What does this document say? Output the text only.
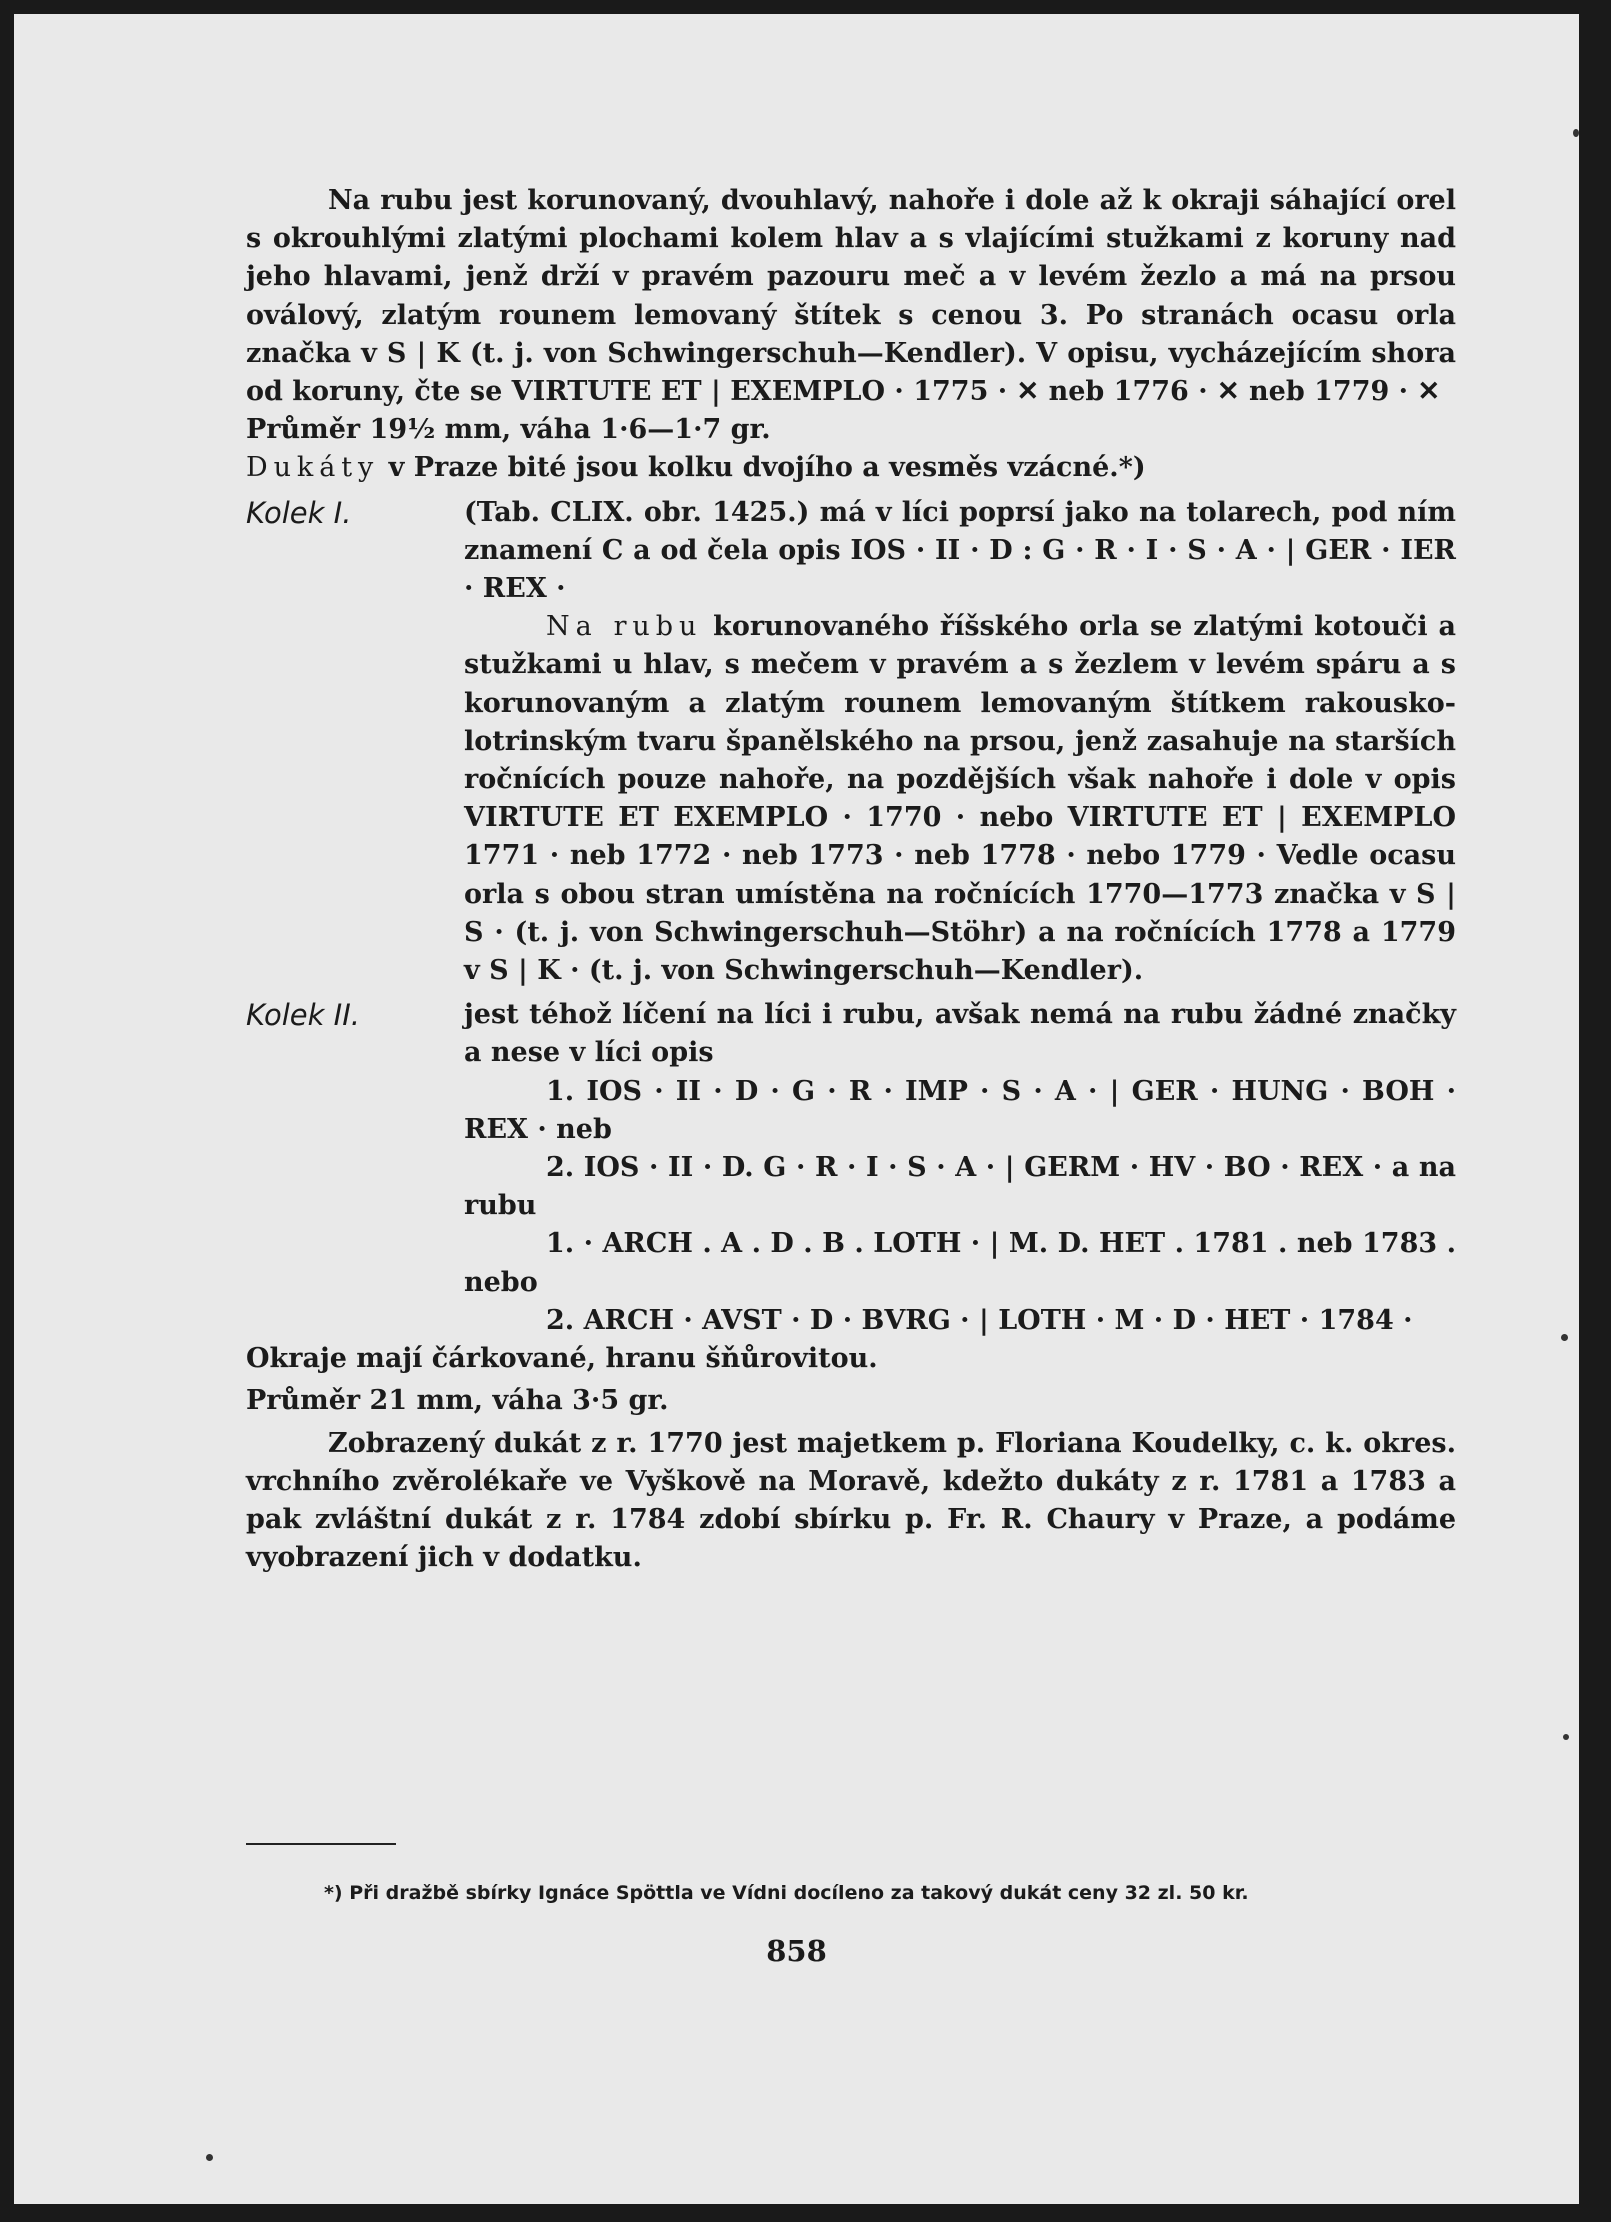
Na rubu jest korunovaný, dvouhlavý, nahoře i dole až k okraji sáhající orel s okrouhlými zlatými plochami kolem hlav a s vlajícími stužkami z koruny nad jeho hlavami, jenž drží v pravém pazouru meč a v levém žezlo a má na prsou oválový, zlatým rounem lemovaný štítek s cenou 3. Po stranách ocasu orla značka v S | K (t. j. von Schwingerschuh—Kendler). V opisu, vycházejícím shora od koruny, čte se VIRTUTE ET | EXEMPLO · 1775 · ✕ neb 1776 · ✕ neb 1779 · ✕

Průměr 19½ mm, váha 1·6—1·7 gr.

Dukáty v Praze bité jsou kolku dvojího a vesměs vzácné.*)

Kolek I.	(Tab. CLIX. obr. 1425.) má v líci poprsí jako na tolarech, pod ním znamení C a od čela opis IOS · II · D : G · R · I · S · A · | GER · IER · REX ·

Na rubu korunovaného říšského orla se zlatými kotouči a stužkami u hlav, s mečem v pravém a s žezlem v levém spáru a s korunovaným a zlatým rounem lemovaným štítkem rakousko-lotrinským tvaru španělského na prsou, jenž zasahuje na starších ročnících pouze nahoře, na pozdějších však nahoře i dole v opis VIRTUTE ET EXEMPLO · 1770 · nebo VIRTUTE ET | EXEMPLO 1771 · neb 1772 · neb 1773 · neb 1778 · nebo 1779 · Vedle ocasu orla s obou stran umístěna na ročnících 1770—1773 značka v S | S · (t. j. von Schwingerschuh—Stöhr) a na ročnících 1778 a 1779 v S | K · (t. j. von Schwingerschuh—Kendler).

Kolek II.	jest téhož líčení na líci i rubu, avšak nemá na rubu žádné značky a nese v líci opis

1. IOS · II · D · G · R · IMP · S · A · | GER · HUNG · BOH · REX · neb

2. IOS · II · D. G · R · I · S · A · | GERM · HV · BO · REX · a na rubu

1. · ARCH . A . D . B . LOTH · | M. D. HET . 1781 . neb 1783 . nebo

2. ARCH · AVST · D · BVRG · | LOTH · M · D · HET · 1784 ·

Okraje mají čárkované, hranu šňůrovitou.

Průměr 21 mm, váha 3·5 gr.

Zobrazený dukát z r. 1770 jest majetkem p. Floriana Koudelky, c. k. okres. vrchního zvěrolékaře ve Vyškově na Moravě, kdežto dukáty z r. 1781 a 1783 a pak zvláštní dukát z r. 1784 zdobí sbírku p. Fr. R. Chaury v Praze, a podáme vyobrazení jich v dodatku.

*) Při dražbě sbírky Ignáce Spöttla ve Vídni docíleno za takový dukát ceny 32 zl. 50 kr.

858
